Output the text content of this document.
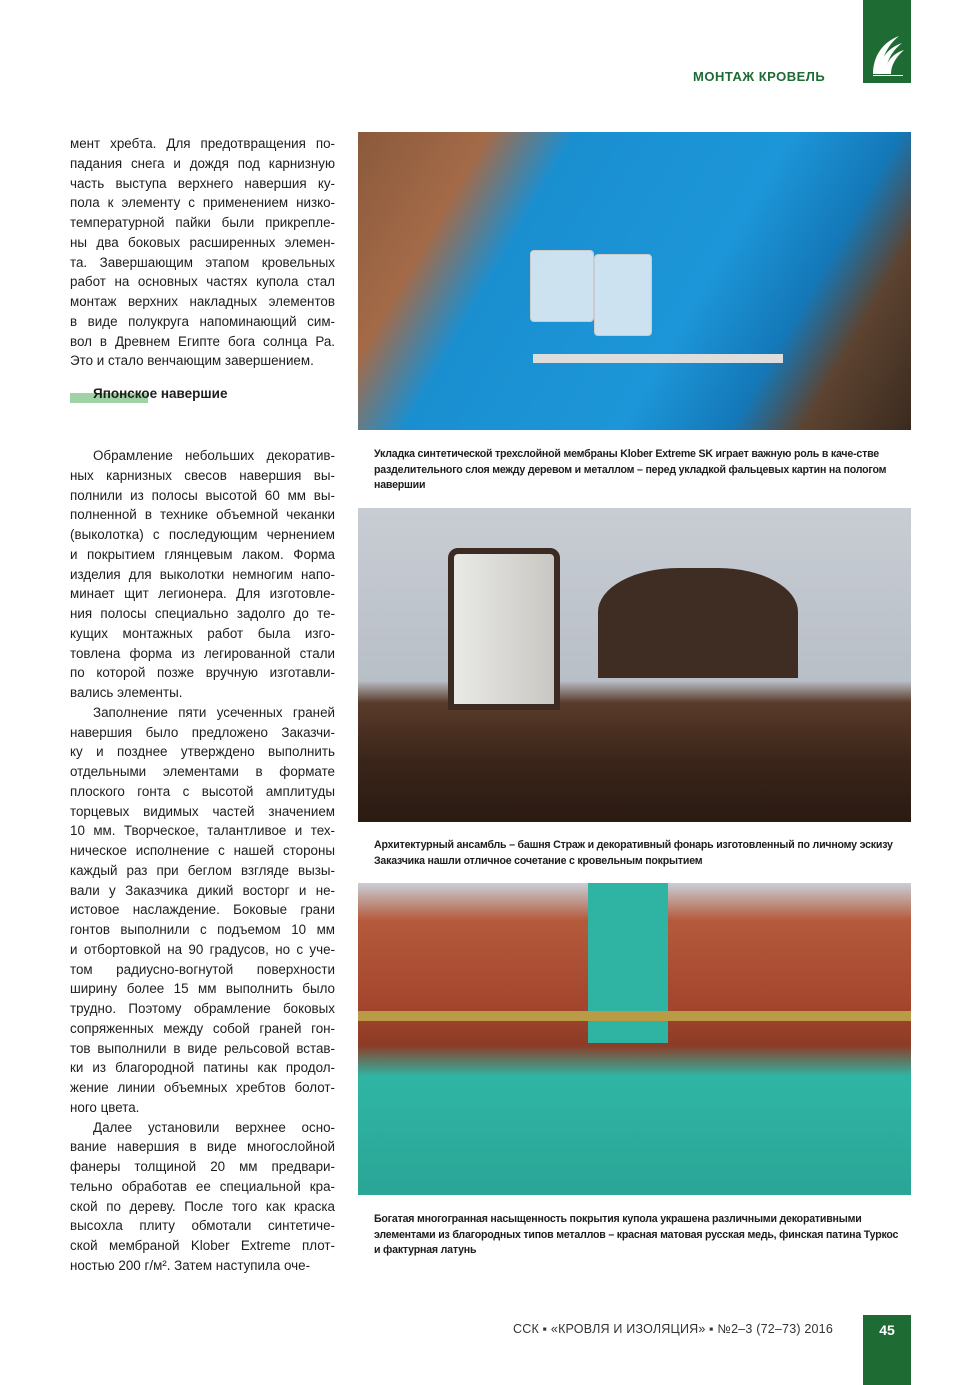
МОНТАЖ КРОВЕЛЬ
мент хребта. Для предотвращения по-
падания снега и дождя под карнизную
часть выступа верхнего навершия ку-
пола к элементу с применением низко-
температурной пайки были прикрепле-
ны два боковых расширенных элемен-
та. Завершающим этапом кровельных
работ на основных частях купола стал
монтаж верхних накладных элементов
в виде полукруга напоминающий сим-
вол в Древнем Египте бога солнца Ра.
Это и стало венчающим завершением.
Японское навершие
Обрамление небольших декоратив-
ных карнизных свесов навершия вы-
полнили из полосы высотой 60 мм вы-
полненной в технике объемной чеканки
(выколотка) с последующим чернением
и покрытием глянцевым лаком. Форма
изделия для выколотки немногим напо-
минает щит легионера. Для изготовле-
ния полосы специально задолго до те-
кущих монтажных работ была изго-
товлена форма из легированной стали
по которой позже вручную изготавли-
вались элементы.
Заполнение пяти усеченных граней
навершия было предложено Заказчи-
ку и позднее утверждено выполнить
отдельными элементами в формате
плоского гонта с высотой амплитуды
торцевых видимых частей значением
10 мм. Творческое, талантливое и тех-
ническое исполнение с нашей стороны
каждый раз при беглом взгляде вызы-
вали у Заказчика дикий восторг и не-
истовое наслаждение. Боковые грани
гонтов выполнили с подъемом 10 мм
и отбортовкой на 90 градусов, но с уче-
том радиусно-вогнутой поверхности
ширину более 15 мм выполнить было
трудно. Поэтому обрамление боковых
сопряженных между собой граней гон-
тов выполнили в виде рельсовой встав-
ки из благородной патины как продол-
жение линии объемных хребтов болот-
ного цвета.
Далее установили верхнее осно-
вание навершия в виде многослойной
фанеры толщиной 20 мм предвари-
тельно обработав ее специальной кра-
ской по дереву. После того как краска
высохла плиту обмотали синтетиче-
ской мембраной Klober Extreme плот-
ностью 200 г/м². Затем наступила оче-
Укладка синтетической трехслойной мембраны Klober Extreme SK играет важную роль в каче-стве разделительного слоя между деревом и металлом – перед укладкой фальцевых картин на пологом навершии
Архитектурный ансамбль – башня Страж и декоративный фонарь изготовленный по личному эскизу Заказчика нашли отличное сочетание с кровельным покрытием
Богатая многогранная насыщенность покрытия купола украшена различными декоративными элементами из благородных типов металлов – красная матовая русская медь, финская патина Туркос и фактурная латунь
ССК ▪ «КРОВЛЯ И ИЗОЛЯЦИЯ» ▪ №2–3 (72–73) 2016	45
